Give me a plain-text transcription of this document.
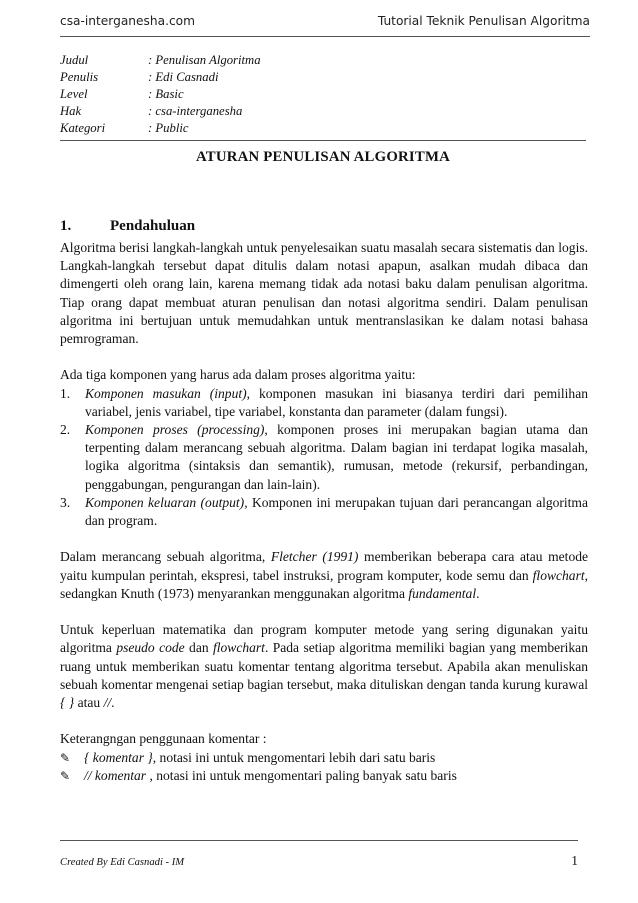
csa-interganesha.com	Tutorial Teknik Penulisan Algoritma
Judul	: Penulisan Algoritma
Penulis	: Edi Casnadi
Level	: Basic
Hak	: csa-interganesha
Kategori	: Public
ATURAN PENULISAN ALGORITMA
1.	Pendahuluan

Algoritma berisi langkah-langkah untuk penyelesaikan suatu masalah secara sistematis dan logis. Langkah-langkah tersebut dapat ditulis dalam notasi apapun, asalkan mudah dibaca dan dimengerti oleh orang lain, karena memang tidak ada notasi baku dalam penulisan algoritma. Tiap orang dapat membuat aturan penulisan dan notasi algoritma sendiri. Dalam penulisan algoritma ini bertujuan untuk memudahkan untuk mentranslasikan ke dalam notasi bahasa pemrograman.

Ada tiga komponen yang harus ada dalam proses algoritma yaitu:
1. Komponen masukan (input), komponen masukan ini biasanya terdiri dari pemilihan variabel, jenis variabel, tipe variabel, konstanta dan parameter (dalam fungsi).
2. Komponen proses (processing), komponen proses ini merupakan bagian utama dan terpenting dalam merancang sebuah algoritma. Dalam bagian ini terdapat logika masalah, logika algoritma (sintaksis dan semantik), rumusan, metode (rekursif, perbandingan, penggabungan, pengurangan dan lain-lain).
3. Komponen keluaran (output), Komponen ini merupakan tujuan dari perancangan algoritma dan program.

Dalam merancang sebuah algoritma, Fletcher (1991) memberikan beberapa cara atau metode yaitu kumpulan perintah, ekspresi, tabel instruksi, program komputer, kode semu dan flowchart, sedangkan Knuth (1973) menyarankan menggunakan algoritma fundamental.

Untuk keperluan matematika dan program komputer metode yang sering digunakan yaitu algoritma pseudo code dan flowchart. Pada setiap algoritma memiliki bagian yang memberikan ruang untuk memberikan suatu komentar tentang algoritma tersebut. Apabila akan menuliskan sebuah komentar mengenai setiap bagian tersebut, maka dituliskan dengan tanda kurung kurawal { } atau //.

Keterangngan penggunaan komentar :
✎	{ komentar }, notasi ini untuk mengomentari lebih dari satu baris
✎	// komentar , notasi ini untuk mengomentari paling banyak satu baris
Created By Edi Casnadi - IM	1
